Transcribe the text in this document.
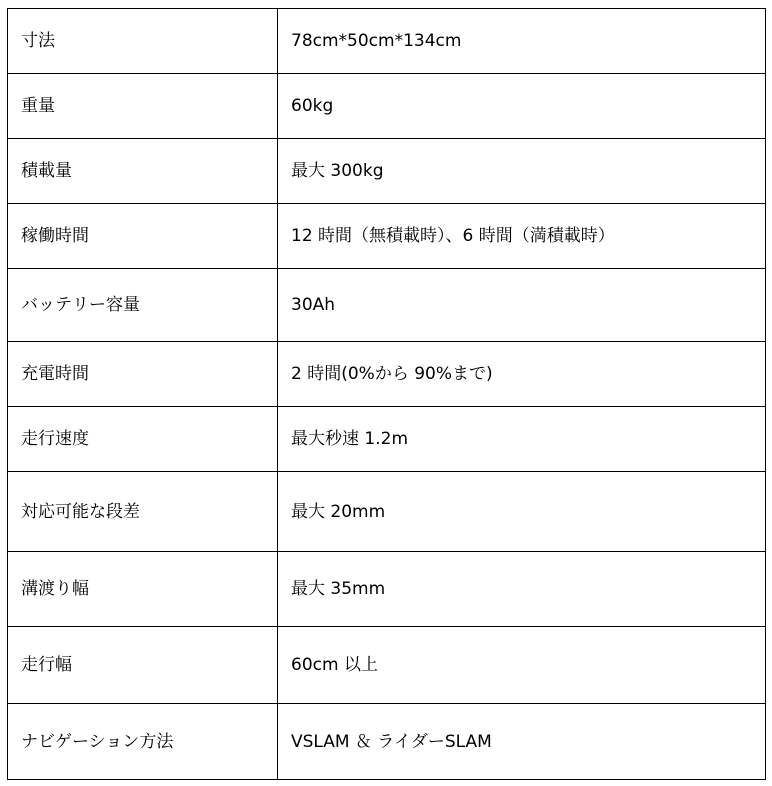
寸法	78cm*50cm*134cm
重量	60kg
積載量	最大 300kg
稼働時間	12 時間（無積載時）、6 時間（満積載時）
バッテリー容量	30Ah
充電時間	2 時間(0%から 90%まで)
走行速度	最大秒速 1.2m
対応可能な段差	最大 20mm
溝渡り幅	最大 35mm
走行幅	60cm 以上
ナビゲーション方法	VSLAM ＆ ライダーSLAM
